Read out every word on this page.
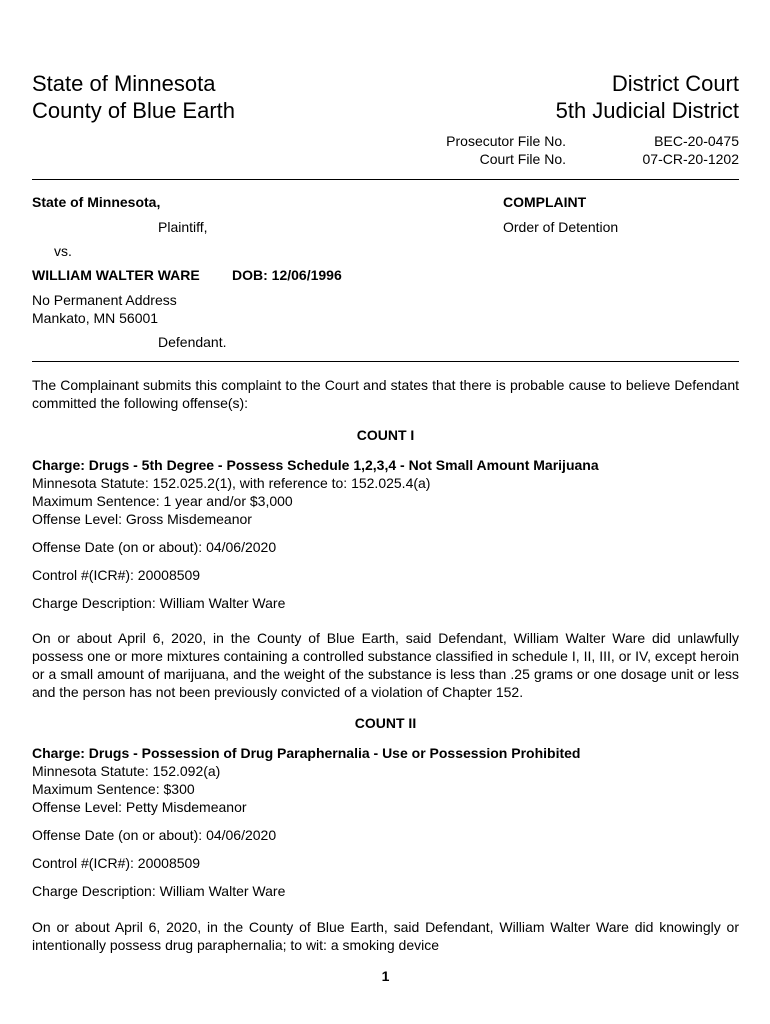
State of Minnesota
County of Blue Earth
District Court
5th Judicial District
Prosecutor File No.	BEC-20-0475
Court File No.	07-CR-20-1202
State of Minnesota,
Plaintiff,
vs.
WILLIAM WALTER WARE DOB: 12/06/1996
No Permanent Address
Mankato, MN 56001
Defendant.
COMPLAINT
Order of Detention
The Complainant submits this complaint to the Court and states that there is probable cause to believe Defendant committed the following offense(s):
COUNT I
Charge: Drugs - 5th Degree - Possess Schedule 1,2,3,4 - Not Small Amount Marijuana
Minnesota Statute: 152.025.2(1), with reference to: 152.025.4(a)
Maximum Sentence: 1 year and/or $3,000
Offense Level: Gross Misdemeanor
Offense Date (on or about): 04/06/2020
Control #(ICR#): 20008509
Charge Description: William Walter Ware
On or about April 6, 2020, in the County of Blue Earth, said Defendant, William Walter Ware did unlawfully possess one or more mixtures containing a controlled substance classified in schedule I, II, III, or IV, except heroin or a small amount of marijuana, and the weight of the substance is less than .25 grams or one dosage unit or less and the person has not been previously convicted of a violation of Chapter 152.
COUNT II
Charge: Drugs - Possession of Drug Paraphernalia - Use or Possession Prohibited
Minnesota Statute: 152.092(a)
Maximum Sentence: $300
Offense Level: Petty Misdemeanor
Offense Date (on or about): 04/06/2020
Control #(ICR#): 20008509
Charge Description: William Walter Ware
On or about April 6, 2020, in the County of Blue Earth, said Defendant, William Walter Ware did knowingly or intentionally possess drug paraphernalia; to wit: a smoking device
1
